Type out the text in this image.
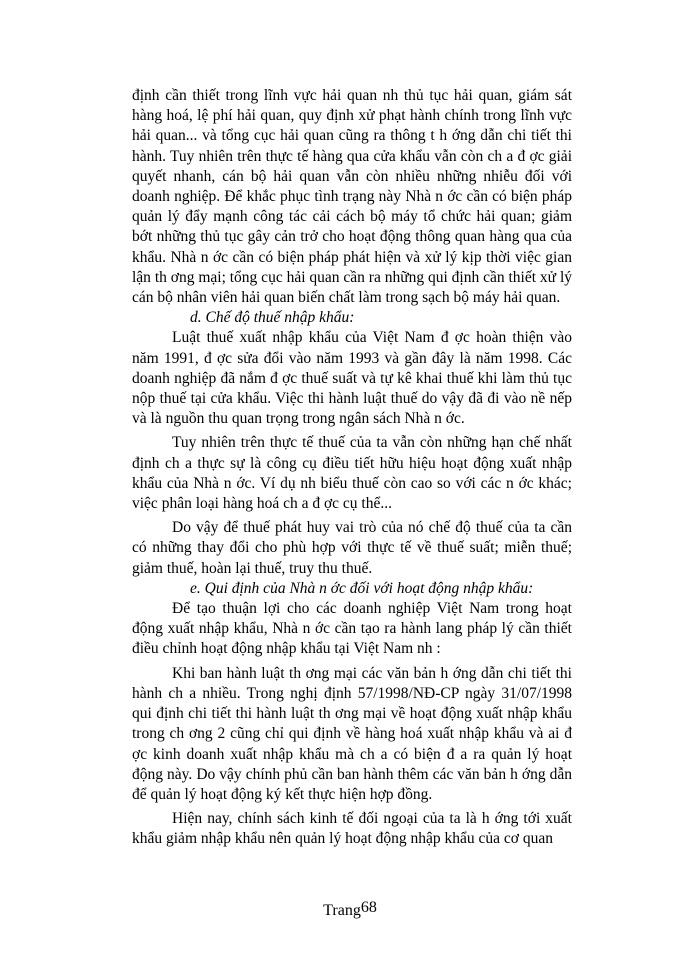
định cần thiết trong lĩnh vực hải quan nh thủ tục hải quan, giám sát hàng hoá, lệ phí hải quan, quy định xử phạt hành chính trong lĩnh vực hải quan... và tổng cục hải quan cũng ra thông t h ớng dẫn chi tiết thi hành. Tuy nhiên trên thực tế hàng qua cửa khẩu vẫn còn ch a đ ợc giải quyết nhanh, cán bộ hải quan vẫn còn nhiều những nhiễu đối với doanh nghiệp. Để khắc phục tình trạng này Nhà n ớc cần có biện pháp quản lý đẩy mạnh công tác cải cách bộ máy tổ chức hải quan; giảm bớt những thủ tục gây cản trở cho hoạt động thông quan hàng qua của khẩu. Nhà n ớc cần có biện pháp phát hiện và xử lý kịp thời việc gian lận th ơng mại; tổng cục hải quan cần ra những qui định cần thiết xử lý cán bộ nhân viên hải quan biến chất làm trong sạch bộ máy hải quan.

d. Chế độ thuế nhập khẩu:

Luật thuế xuất nhập khẩu của Việt Nam đ ợc hoàn thiện vào năm 1991, đ ợc sửa đổi vào năm 1993 và gần đây là năm 1998. Các doanh nghiệp đã nắm đ ợc thuế suất và tự kê khai thuế khi làm thủ tục nộp thuế tại cửa khẩu. Việc thi hành luật thuế do vậy đã đi vào nề nếp và là nguồn thu quan trọng trong ngân sách Nhà n ớc.

Tuy nhiên trên thực tế thuế của ta vẫn còn những hạn chế nhất định ch a thực sự là công cụ điều tiết hữu hiệu hoạt động xuất nhập khẩu của Nhà n ớc. Ví dụ nh biểu thuế còn cao so với các n ớc khác; việc phân loại hàng hoá ch a đ ợc cụ thể...

Do vậy để thuế phát huy vai trò của nó chế độ thuế của ta cần có những thay đổi cho phù hợp với thực tế về thuế suất; miễn thuế; giảm thuế, hoàn lại thuế, truy thu thuế.

e. Qui định của Nhà n ớc đối với hoạt động nhập khẩu:

Để tạo thuận lợi cho các doanh nghiệp Việt Nam trong hoạt động xuất nhập khẩu, Nhà n ớc cần tạo ra hành lang pháp lý cần thiết điều chỉnh hoạt động nhập khẩu tại Việt Nam nh :

Khi ban hành luật th ơng mại các văn bản h ớng dẫn chi tiết thi hành ch a nhiều. Trong nghị định 57/1998/NĐ-CP ngày 31/07/1998 qui định chi tiết thi hành luật th ơng mại về hoạt động xuất nhập khẩu trong ch ơng 2 cũng chỉ qui định về hàng hoá xuất nhập khẩu và ai đ ợc kinh doanh xuất nhập khẩu mà ch a có biện đ a ra quản lý hoạt động này. Do vậy chính phủ cần ban hành thêm các văn bản h ớng dẫn để quản lý hoạt động ký kết thực hiện hợp đồng.

Hiện nay, chính sách kinh tế đối ngoại của ta là h ớng tới xuất khẩu giảm nhập khẩu nên quản lý hoạt động nhập khẩu của cơ quan

Trang68
